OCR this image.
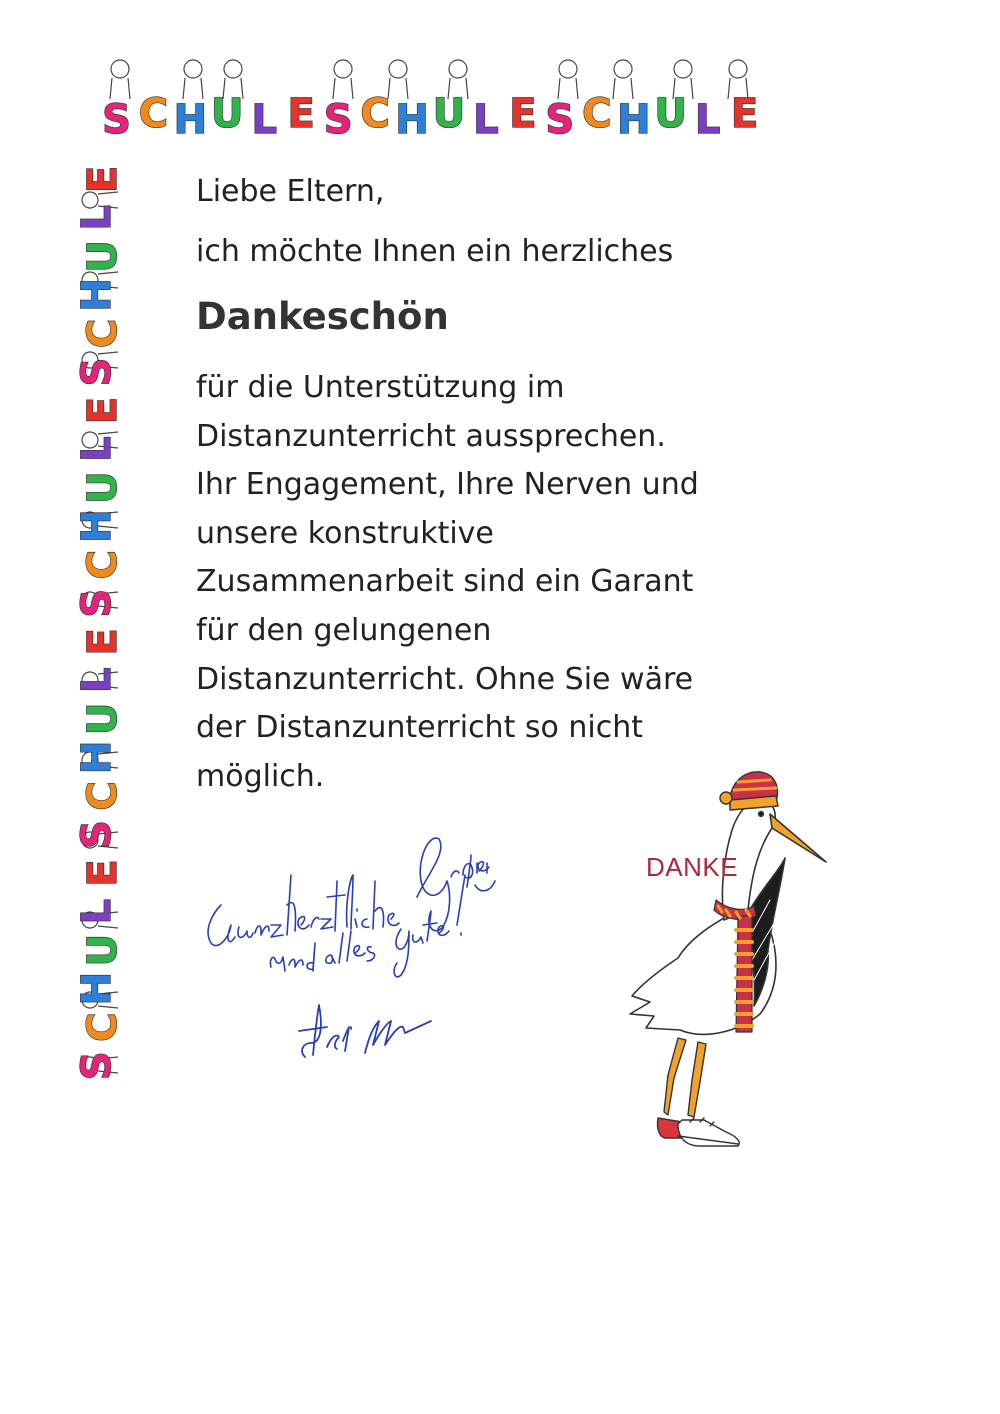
S C H U L E S C H U L E S C H U L E
S
C
H
U
L
E
S
C
H
U
L
E
S
C
H
U
L
E
S
C
H
U
L
E Liebe Eltern,
ich möchte Ihnen ein herzliches
Dankeschön
für die Unterstützung im
Distanzunterricht aussprechen.
Ihr Engagement, Ihre Nerven und
unsere konstruktive
Zusammenarbeit sind ein Garant
für den gelungenen
Distanzunterricht. Ohne Sie wäre
der Distanzunterricht so nicht
möglich.
DANKE
